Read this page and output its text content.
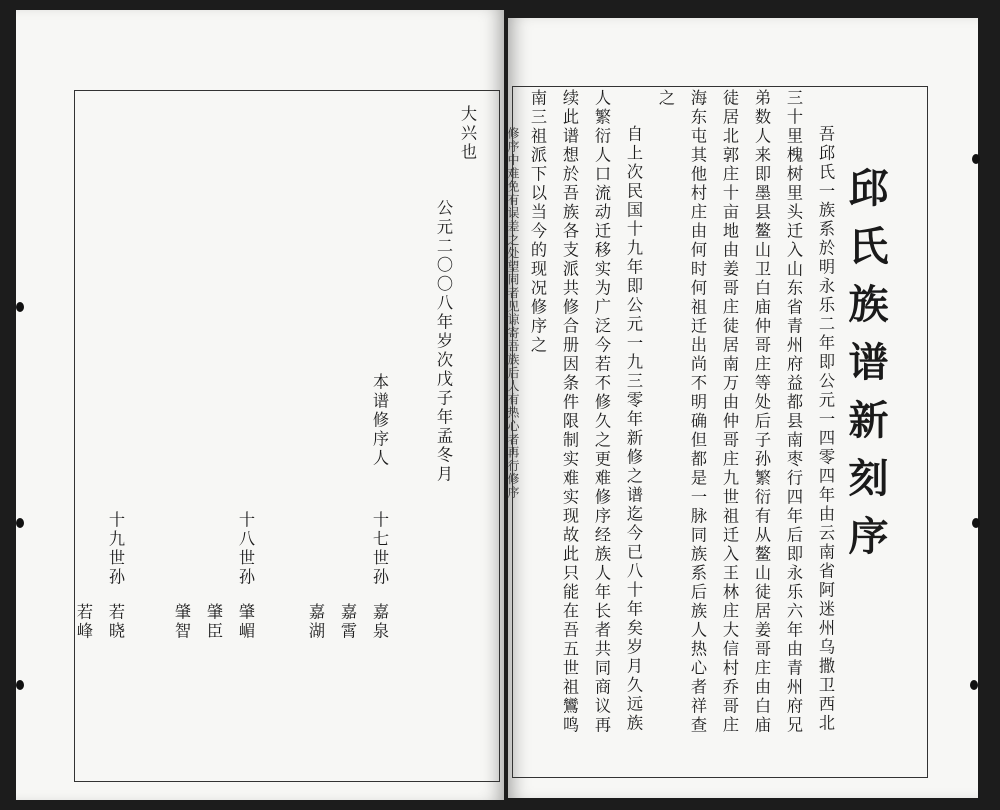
大兴也
公元二〇〇八年岁次戊子年孟冬月
本谱修序人
十七世孙
嘉泉
嘉霄
嘉湖
十八世孙
肇嵋
肇臣
肇智
十九世孙
若晓
若峰
邱氏族谱新刻序
吾邱氏一族系於明永乐二年即公元一四零四年由云南省阿迷州乌撒卫西北
三十里槐树里头迁入山东省青州府益都县南枣行四年后即永乐六年由青州府兄
弟数人来即墨县鳌山卫白庙仲哥庄等处后子孙繁衍有从鳌山徒居姜哥庄由白庙
徒居北郭庄十亩地由姜哥庄徒居南万由仲哥庄九世祖迁入王林庄大信村乔哥庄
海东屯其他村庄由何时何祖迁出尚不明确但都是一脉同族系后族人热心者祥查
之
自上次民国十九年即公元一九三零年新修之谱迄今已八十年矣岁月久远族
人繁衍人口流动迁移实为广泛今若不修久之更难修序经族人年长者共同商议再
续此谱想於吾族各支派共修合册因条件限制实难实现故此只能在吾五世祖鸞鸣
南三祖派下以当今的现况修序之
修序中难免有误差之处望同者见谅寄吾族后人有热心者再行修序
